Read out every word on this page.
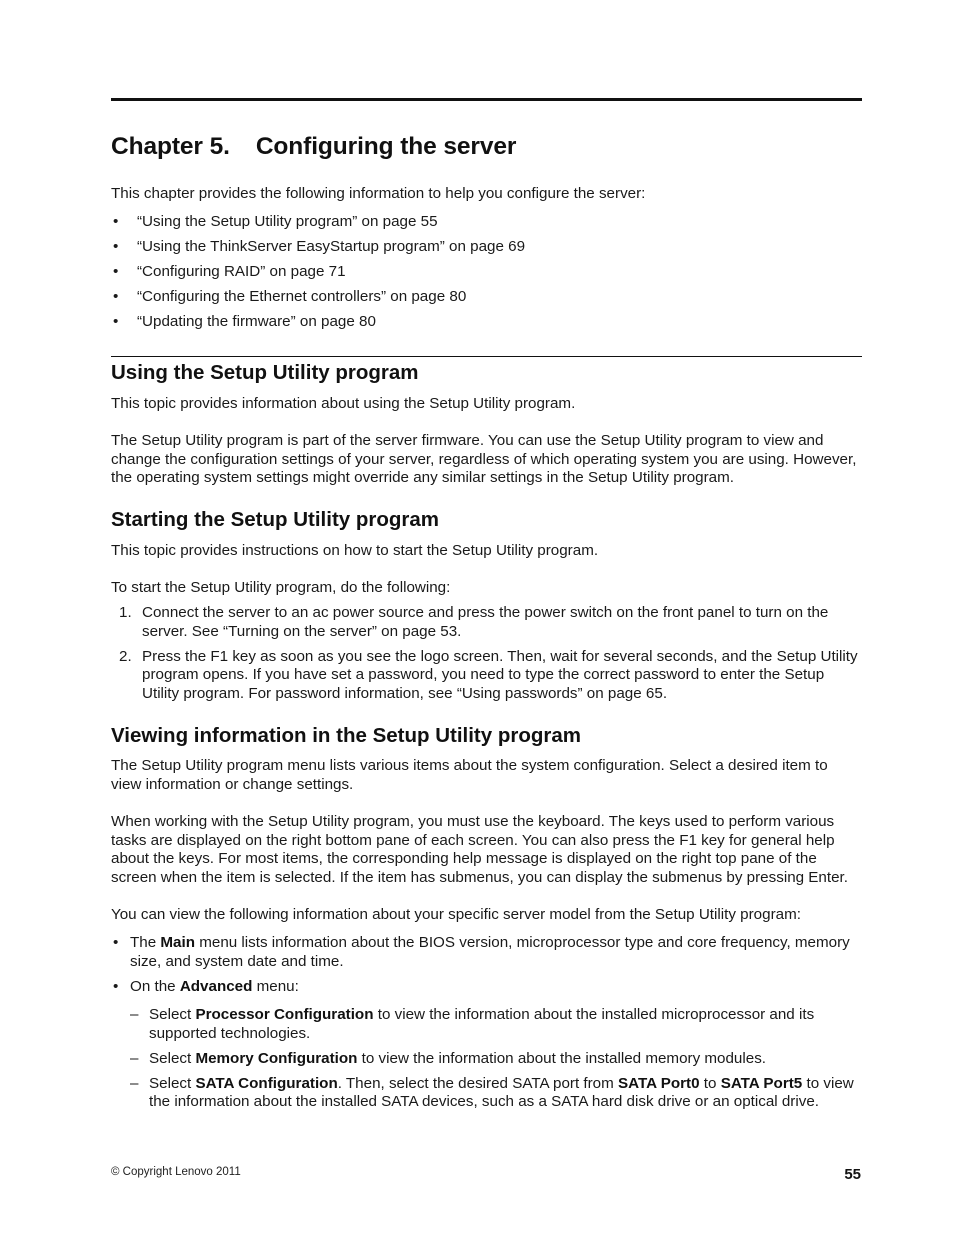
Chapter 5. Configuring the server

This chapter provides the following information to help you configure the server:

• “Using the Setup Utility program” on page 55
• “Using the ThinkServer EasyStartup program” on page 69
• “Configuring RAID” on page 71
• “Configuring the Ethernet controllers” on page 80
• “Updating the firmware” on page 80
Using the Setup Utility program

This topic provides information about using the Setup Utility program.

The Setup Utility program is part of the server firmware. You can use the Setup Utility program to view and change the configuration settings of your server, regardless of which operating system you are using. However, the operating system settings might override any similar settings in the Setup Utility program.

Starting the Setup Utility program

This topic provides instructions on how to start the Setup Utility program.

To start the Setup Utility program, do the following:

1. Connect the server to an ac power source and press the power switch on the front panel to turn on the server. See “Turning on the server” on page 53.
2. Press the F1 key as soon as you see the logo screen. Then, wait for several seconds, and the Setup Utility program opens. If you have set a password, you need to type the correct password to enter the Setup Utility program. For password information, see “Using passwords” on page 65.
Viewing information in the Setup Utility program

The Setup Utility program menu lists various items about the system configuration. Select a desired item to view information or change settings.

When working with the Setup Utility program, you must use the keyboard. The keys used to perform various tasks are displayed on the right bottom pane of each screen. You can also press the F1 key for general help about the keys. For most items, the corresponding help message is displayed on the right top pane of the screen when the item is selected. If the item has submenus, you can display the submenus by pressing Enter.

You can view the following information about your specific server model from the Setup Utility program:

• The Main menu lists information about the BIOS version, microprocessor type and core frequency, memory size, and system date and time.
• On the Advanced menu:
– Select Processor Configuration to view the information about the installed microprocessor and its supported technologies.
– Select Memory Configuration to view the information about the installed memory modules.
– Select SATA Configuration. Then, select the desired SATA port from SATA Port0 to SATA Port5 to view the information about the installed SATA devices, such as a SATA hard disk drive or an optical drive.
© Copyright Lenovo 2011	55
